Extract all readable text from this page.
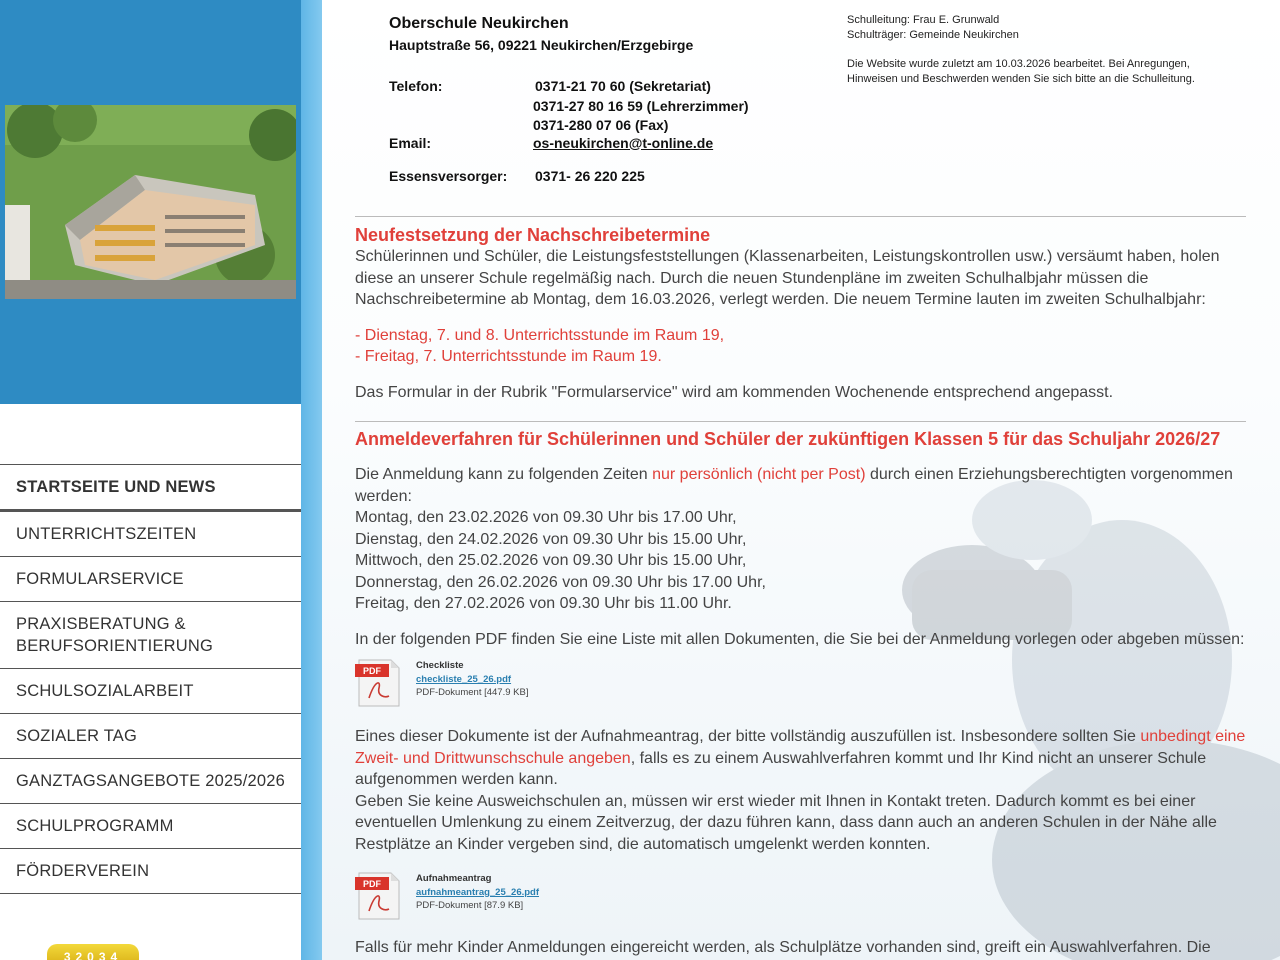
STARTSEITE UND NEWS
UNTERRICHTSZEITEN
FORMULARSERVICE
PRAXISBERATUNG & BERUFSORIENTIERUNG
SCHULSOZIALARBEIT
SOZIALER TAG
GANZTAGSANGEBOTE 2025/2026
SCHULPROGRAMM
FÖRDERVEREIN
32034
Oberschule Neukirchen
Hauptstraße 56, 09221 Neukirchen/Erzgebirge
Telefon:	0371-21 70 60 (Sekretariat)
0371-27 80 16 59 (Lehrerzimmer)
0371-280 07 06 (Fax)
Email:	os-neukirchen@t-online.de
Essensversorger:	0371- 26 220 225
Schulleitung: Frau E. Grunwald
Schulträger: Gemeinde Neukirchen
Die Website wurde zuletzt am 10.03.2026 bearbeitet. Bei Anregungen, Hinweisen und Beschwerden wenden Sie sich bitte an die Schulleitung.
Neufestsetzung der Nachschreibetermine

Schülerinnen und Schüler, die Leistungsfeststellungen (Klassenarbeiten, Leistungskontrollen usw.) versäumt haben, holen diese an unserer Schule regelmäßig nach. Durch die neuen Stundenpläne im zweiten Schulhalbjahr müssen die Nachschreibetermine ab Montag, dem 16.03.2026, verlegt werden. Die neuem Termine lauten im zweiten Schulhalbjahr:

- Dienstag, 7. und 8. Unterrichtsstunde im Raum 19,

- Freitag, 7. Unterrichtsstunde im Raum 19.

Das Formular in der Rubrik "Formularservice" wird am kommenden Wochenende entsprechend angepasst.

Anmeldeverfahren für Schülerinnen und Schüler der zukünftigen Klassen 5 für das Schuljahr 2026/27

Die Anmeldung kann zu folgenden Zeiten nur persönlich (nicht per Post) durch einen Erziehungsberechtigten vorgenommen werden:

Montag, den 23.02.2026 von 09.30 Uhr bis 17.00 Uhr,

Dienstag, den 24.02.2026 von 09.30 Uhr bis 15.00 Uhr,

Mittwoch, den 25.02.2026 von 09.30 Uhr bis 15.00 Uhr,

Donnerstag, den 26.02.2026 von 09.30 Uhr bis 17.00 Uhr,

Freitag, den 27.02.2026 von 09.30 Uhr bis 11.00 Uhr.

In der folgenden PDF finden Sie eine Liste mit allen Dokumenten, die Sie bei der Anmeldung vorlegen oder abgeben müssen:

PDF	Checkliste
checkliste_25_26.pdf
PDF-Dokument [447.9 KB]

Eines dieser Dokumente ist der Aufnahmeantrag, der bitte vollständig auszufüllen ist. Insbesondere sollten Sie unbedingt eine Zweit- und Drittwunschschule angeben, falls es zu einem Auswahlverfahren kommt und Ihr Kind nicht an unserer Schule aufgenommen werden kann.

Geben Sie keine Ausweichschulen an, müssen wir erst wieder mit Ihnen in Kontakt treten. Dadurch kommt es bei einer eventuellen Umlenkung zu einem Zeitverzug, der dazu führen kann, dass dann auch an anderen Schulen in der Nähe alle Restplätze an Kinder vergeben sind, die automatisch umgelenkt werden konnten.

PDF	Aufnahmeantrag
aufnahmeantrag_25_26.pdf
PDF-Dokument [87.9 KB]

Falls für mehr Kinder Anmeldungen eingereicht werden, als Schulplätze vorhanden sind, greift ein Auswahlverfahren. Die
